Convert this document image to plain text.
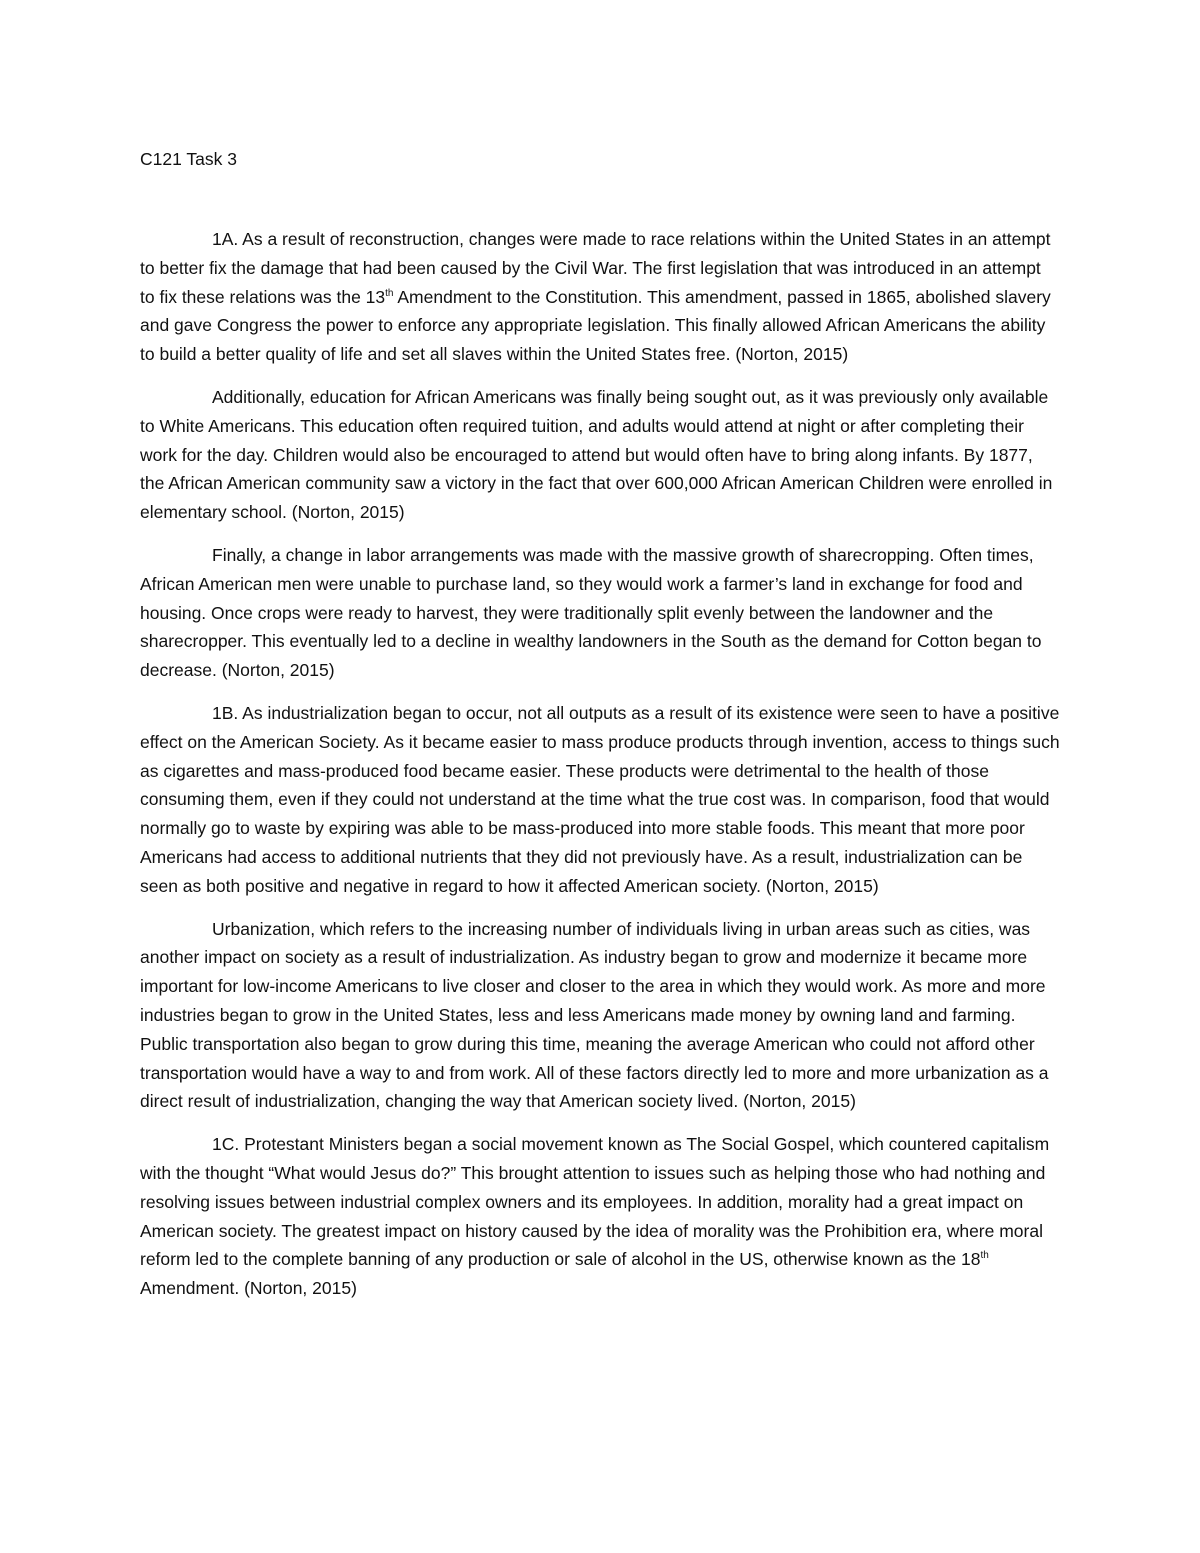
C121 Task 3

1A. As a result of reconstruction, changes were made to race relations within the United States in an attempt to better fix the damage that had been caused by the Civil War. The first legislation that was introduced in an attempt to fix these relations was the 13th Amendment to the Constitution. This amendment, passed in 1865, abolished slavery and gave Congress the power to enforce any appropriate legislation. This finally allowed African Americans the ability to build a better quality of life and set all slaves within the United States free. (Norton, 2015)

Additionally, education for African Americans was finally being sought out, as it was previously only available to White Americans. This education often required tuition, and adults would attend at night or after completing their work for the day. Children would also be encouraged to attend but would often have to bring along infants. By 1877, the African American community saw a victory in the fact that over 600,000 African American Children were enrolled in elementary school. (Norton, 2015)

Finally, a change in labor arrangements was made with the massive growth of sharecropping. Often times, African American men were unable to purchase land, so they would work a farmer’s land in exchange for food and housing. Once crops were ready to harvest, they were traditionally split evenly between the landowner and the sharecropper. This eventually led to a decline in wealthy landowners in the South as the demand for Cotton began to decrease. (Norton, 2015)

1B. As industrialization began to occur, not all outputs as a result of its existence were seen to have a positive effect on the American Society. As it became easier to mass produce products through invention, access to things such as cigarettes and mass-produced food became easier. These products were detrimental to the health of those consuming them, even if they could not understand at the time what the true cost was. In comparison, food that would normally go to waste by expiring was able to be mass-produced into more stable foods. This meant that more poor Americans had access to additional nutrients that they did not previously have. As a result, industrialization can be seen as both positive and negative in regard to how it affected American society. (Norton, 2015)

Urbanization, which refers to the increasing number of individuals living in urban areas such as cities, was another impact on society as a result of industrialization. As industry began to grow and modernize it became more important for low-income Americans to live closer and closer to the area in which they would work. As more and more industries began to grow in the United States, less and less Americans made money by owning land and farming. Public transportation also began to grow during this time, meaning the average American who could not afford other transportation would have a way to and from work. All of these factors directly led to more and more urbanization as a direct result of industrialization, changing the way that American society lived. (Norton, 2015)

1C. Protestant Ministers began a social movement known as The Social Gospel, which countered capitalism with the thought “What would Jesus do?” This brought attention to issues such as helping those who had nothing and resolving issues between industrial complex owners and its employees. In addition, morality had a great impact on American society. The greatest impact on history caused by the idea of morality was the Prohibition era, where moral reform led to the complete banning of any production or sale of alcohol in the US, otherwise known as the 18th Amendment. (Norton, 2015)
